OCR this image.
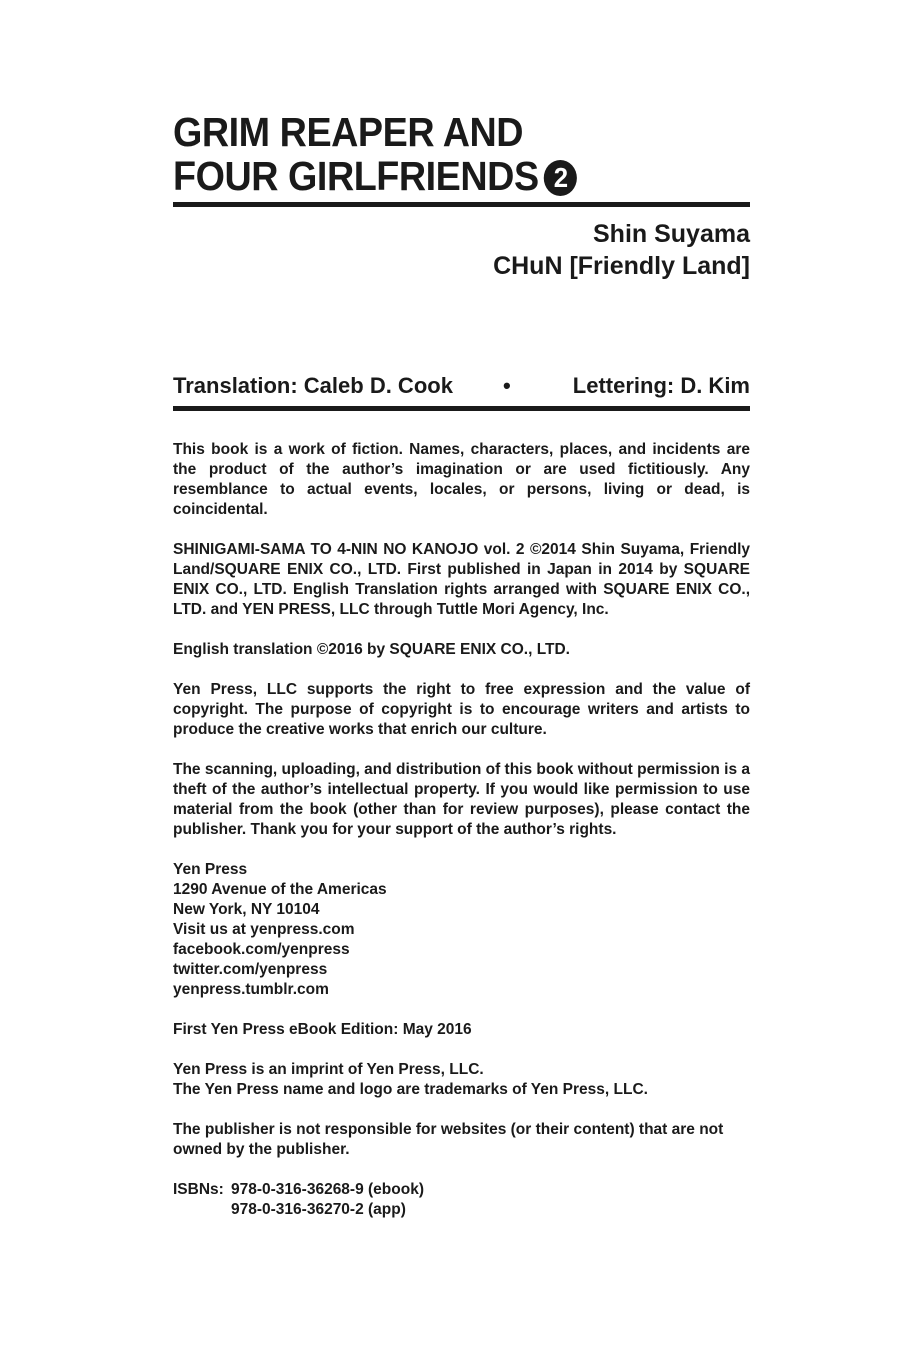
GRIM REAPER AND
FOUR GIRLFRIENDS 2
Shin Suyama
CHuN [Friendly Land]
Translation: Caleb D. Cook •	Lettering: D. Kim

This book is a work of fiction. Names, characters, places, and incidents are the product of the author’s imagination or are used fictitiously. Any resemblance to actual events, locales, or persons, living or dead, is coincidental.

SHINIGAMI-SAMA TO 4-NIN NO KANOJO vol. 2 ©2014 Shin Suyama, Friendly Land/SQUARE ENIX CO., LTD. First published in Japan in 2014 by SQUARE ENIX CO., LTD. English Translation rights arranged with SQUARE ENIX CO., LTD. and YEN PRESS, LLC through Tuttle Mori Agency, Inc.

English translation ©2016 by SQUARE ENIX CO., LTD.

Yen Press, LLC supports the right to free expression and the value of copyright. The purpose of copyright is to encourage writers and artists to produce the creative works that enrich our culture.

The scanning, uploading, and distribution of this book without permission is a theft of the author’s intellectual property. If you would like permission to use material from the book (other than for review purposes), please contact the publisher. Thank you for your support of the author’s rights.

Yen Press
1290 Avenue of the Americas
New York, NY 10104
Visit us at yenpress.com
facebook.com/yenpress
twitter.com/yenpress
yenpress.tumblr.com

First Yen Press eBook Edition: May 2016

Yen Press is an imprint of Yen Press, LLC.
The Yen Press name and logo are trademarks of Yen Press, LLC.

The publisher is not responsible for websites (or their content) that are not owned by the publisher.

ISBNs: 978-0-316-36268-9 (ebook)
978-0-316-36270-2 (app)
